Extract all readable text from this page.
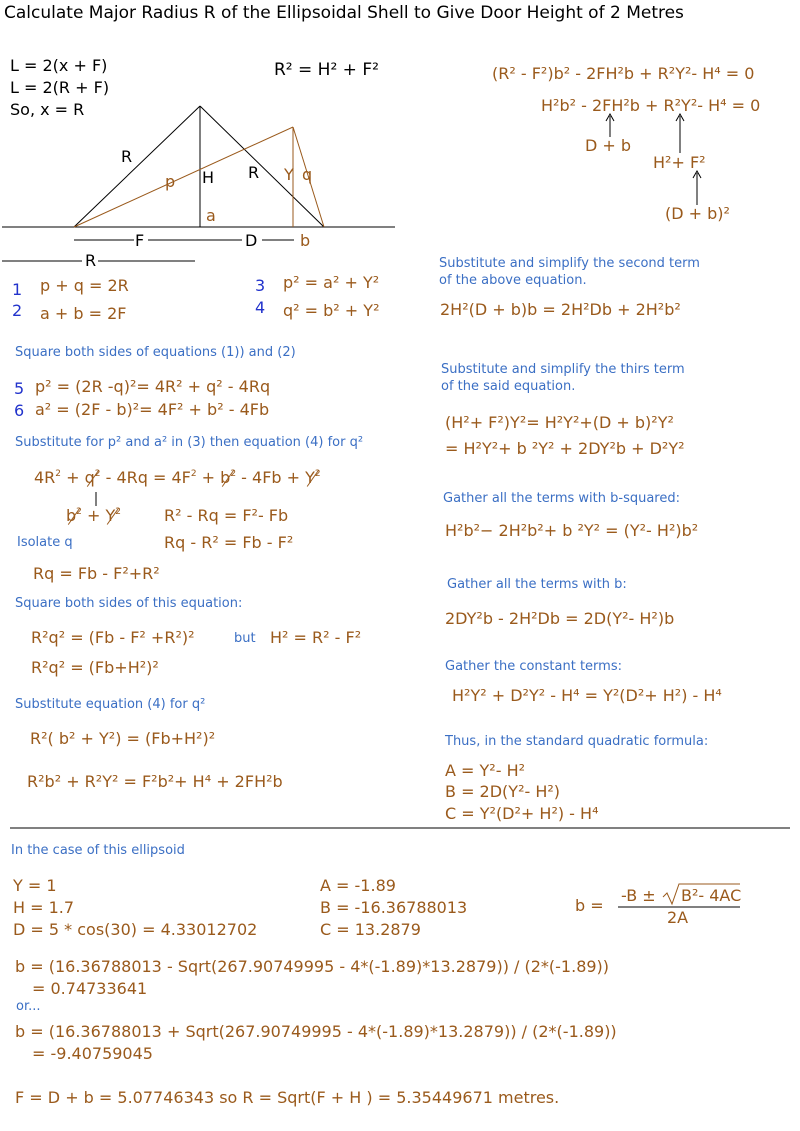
Calculate Major Radius R of the Ellipsoidal Shell to Give Door Height of 2 Metres
L = 2(x + F)
L = 2(R + F)
So, x = R
R² = H² + F²
R
p H R Y q
a
F	D	b
R
1 p + q = 2R
2 a + b = 2F
3 p² = a² + Y²
4 q² = b² + Y²
Square both sides of equations (1)) and (2)
5 p² = (2R -q)²= 4R² + q² - 4Rq
6 a² = (2F - b)²= 4F² + b² - 4Fb
Substitute for p² and a² in (3) then equation (4) for q²
$4R^2 + q^2 - 4Rq = 4F^2 + b^2 - 4Fb + Y^2$
$b^2 + Y^2$	R² - Rq = F²- Fb
Isolate q	Rq - R² = Fb - F²
Rq = Fb - F²+R²
Square both sides of this equation:
R²q² = (Fb - F² +R²)²	but H² = R² - F²
R²q² = (Fb+H²)²
Substitute equation (4) for q²
R²( b² + Y²) = (Fb+H²)²
R²b² + R²Y² = F²b²+ H⁴ + 2FH²b
(R² - F²)b² - 2FH²b + R²Y²- H⁴ = 0
H²b² - 2FH²b + R²Y²- H⁴ = 0
D + b
H²+ F²
(D + b)²
Substitute and simplify the second term
of the above equation.
2H²(D + b)b = 2H²Db + 2H²b²
Substitute and simplify the thirs term
of the said equation.
(H²+ F²)Y²= H²Y²+(D + b)²Y²
= H²Y²+ b ²Y² + 2DY²b + D²Y²
Gather all the terms with b-squared:
H²b²− 2H²b²+ b ²Y² = (Y²- H²)b²
Gather all the terms with b:
2DY²b - 2H²Db = 2D(Y²- H²)b
Gather the constant terms:
H²Y² + D²Y² - H⁴ = Y²(D²+ H²) - H⁴
Thus, in the standard quadratic formula:
A = Y²- H²
B = 2D(Y²- H²)
C = Y²(D²+ H²) - H⁴
In the case of this ellipsoid
Y = 1
H = 1.7
D = 5 * cos(30) = 4.33012702
A = -1.89
B = -16.36788013
C = 13.2879
b =
-B ± B²- 4AC
2A
b = (16.36788013 - Sqrt(267.90749995 - 4*(-1.89)*13.2879)) / (2*(-1.89))
= 0.74733641
or...
b = (16.36788013 + Sqrt(267.90749995 - 4*(-1.89)*13.2879)) / (2*(-1.89))
= -9.40759045
F = D + b = 5.07746343 so R = Sqrt(F + H ) = 5.35449671 metres.
